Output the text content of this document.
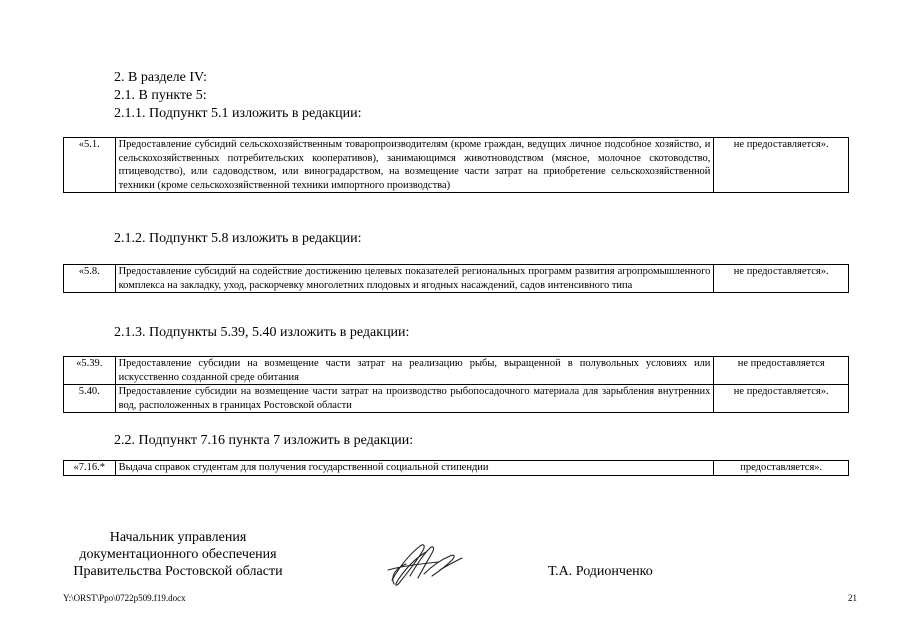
2. В разделе IV:
2.1. В пункте 5:
2.1.1. Подпункт 5.1 изложить в редакции:
«5.1.	Предоставление субсидий сельскохозяйственным товаропроизводителям (кроме граждан, ведущих личное подсобное хозяйство, и сельскохозяйственных потребительских кооперативов), занимающимся животноводством (мясное, молочное скотоводство, птицеводство), или садоводством, или виноградарством, на возмещение части затрат на приобретение сельскохозяйственной техники (кроме сельскохозяйственной техники импортного производства)	не предоставляется».
2.1.2. Подпункт 5.8 изложить в редакции:
«5.8.	Предоставление субсидий на содействие достижению целевых показателей региональных программ развития агропромышленного комплекса на закладку, уход, раскорчевку многолетних плодовых и ягодных насаждений, садов интенсивного типа	не предоставляется».
2.1.3. Подпункты 5.39, 5.40 изложить в редакции:
«5.39.	Предоставление субсидии на возмещение части затрат на реализацию рыбы, выращенной в полувольных условиях или искусственно созданной среде обитания	не предоставляется
5.40.	Предоставление субсидии на возмещение части затрат на производство рыбопосадочного материала для зарыбления внутренних вод, расположенных в границах Ростовской области	не предоставляется».
2.2. Подпункт 7.16 пункта 7 изложить в редакции:
«7.16.*	Выдача справок студентам для получения государственной социальной стипендии	предоставляется».
Начальник управления
документационного обеспечения
Правительства Ростовской области	Т.А. Родионченко
Y:\ORST\Ppo\0722p509.f19.docx	21
